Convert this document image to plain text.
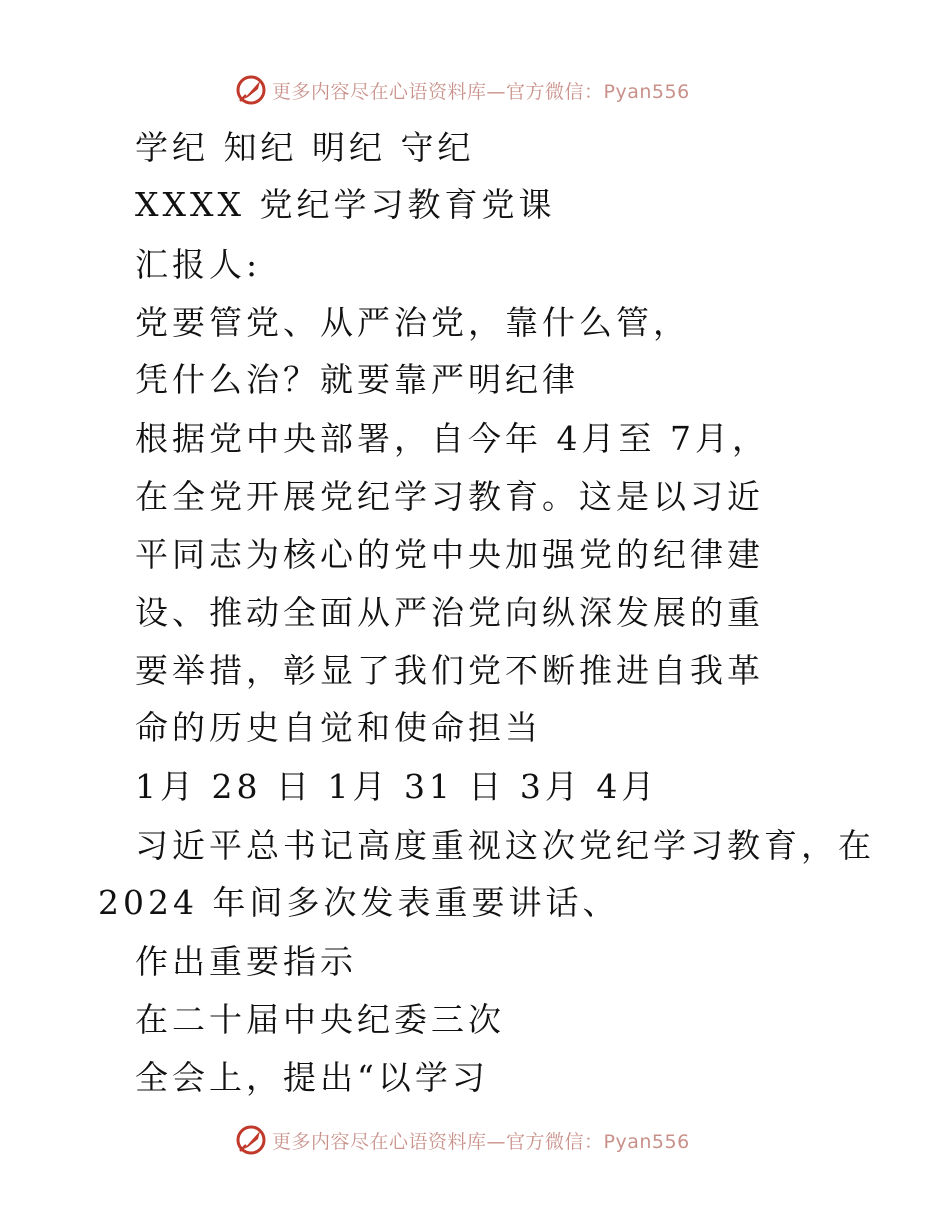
更多内容尽在心语资料库—官方微信：Pyan556
学纪 知纪 明纪 守纪
XXXX 党纪学习教育党课
汇报人:
党要管党、从严治党，靠什么管，
凭什么治？就要靠严明纪律
根据党中央部署，自今年 4月至 7月，
在全党开展党纪学习教育。这是以习近
平同志为核心的党中央加强党的纪律建
设、推动全面从严治党向纵深发展的重
要举措，彰显了我们党不断推进自我革
命的历史自觉和使命担当
1月 28 日 1月 31 日 3月 4月
习近平总书记高度重视这次党纪学习教育，在
2024 年间多次发表重要讲话、
作出重要指示
在二十届中央纪委三次
全会上，提出“以学习
更多内容尽在心语资料库—官方微信：Pyan556
